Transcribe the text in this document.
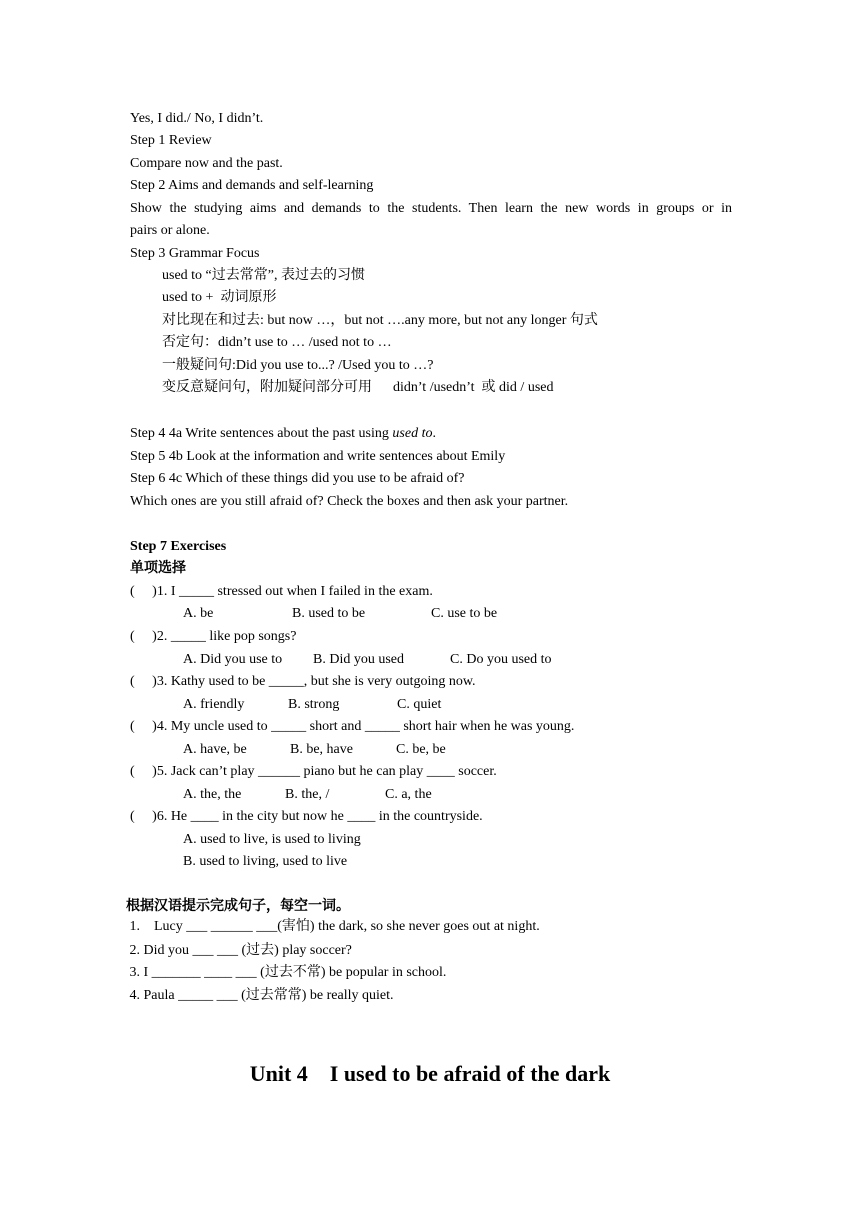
Yes, I did./ No, I didn’t.
Step 1 Review
Compare now and the past.
Step 2 Aims and demands and self-learning
Show the studying aims and demands to the students. Then learn the new words in groups or in
pairs or alone.
Step 3 Grammar Focus
used to “过去常常”, 表过去的习惯
used to +  动词原形
对比现在和过去: but now …，but not ….any more, but not any longer 句式
否定句：didn’t use to … /used not to …
一般疑问句:Did you use to...? /Used you to …?
变反意疑问句，附加疑问部分可用      didn’t /usedn’t  或 did / used
Step 4 4a Write sentences about the past using used to.
Step 5 4b Look at the information and write sentences about Emily
Step 6 4c Which of these things did you use to be afraid of?
Which ones are you still afraid of? Check the boxes and then ask your partner.
Step 7 Exercises
单项选择
(     )1. I _____ stressed out when I failed in the exam.
A. be	B. used to be	C. use to be
(     )2. _____ like pop songs?
A. Did you use to B. Did you used	C. Do you used to
(     )3. Kathy used to be _____, but she is very outgoing now.
A. friendly	B. strong	C. quiet
(     )4. My uncle used to _____ short and _____ short hair when he was young.
A. have, be	B. be, have	C. be, be
(     )5. Jack can’t play ______ piano but he can play ____ soccer.
A. the, the	B. the, /	C. a, the
(     )6. He ____ in the city but now he ____ in the countryside.
A. used to live, is used to living
B. used to living, used to live
根据汉语提示完成句子，每空一词。
1.    Lucy ___ ______ ___(害怕) the dark, so she never goes out at night.
2. Did you ___ ___ (过去) play soccer?
3. I _______ ____ ___ (过去不常) be popular in school.
4. Paula _____ ___ (过去常常) be really quiet.
Unit 4    I used to be afraid of the dark
